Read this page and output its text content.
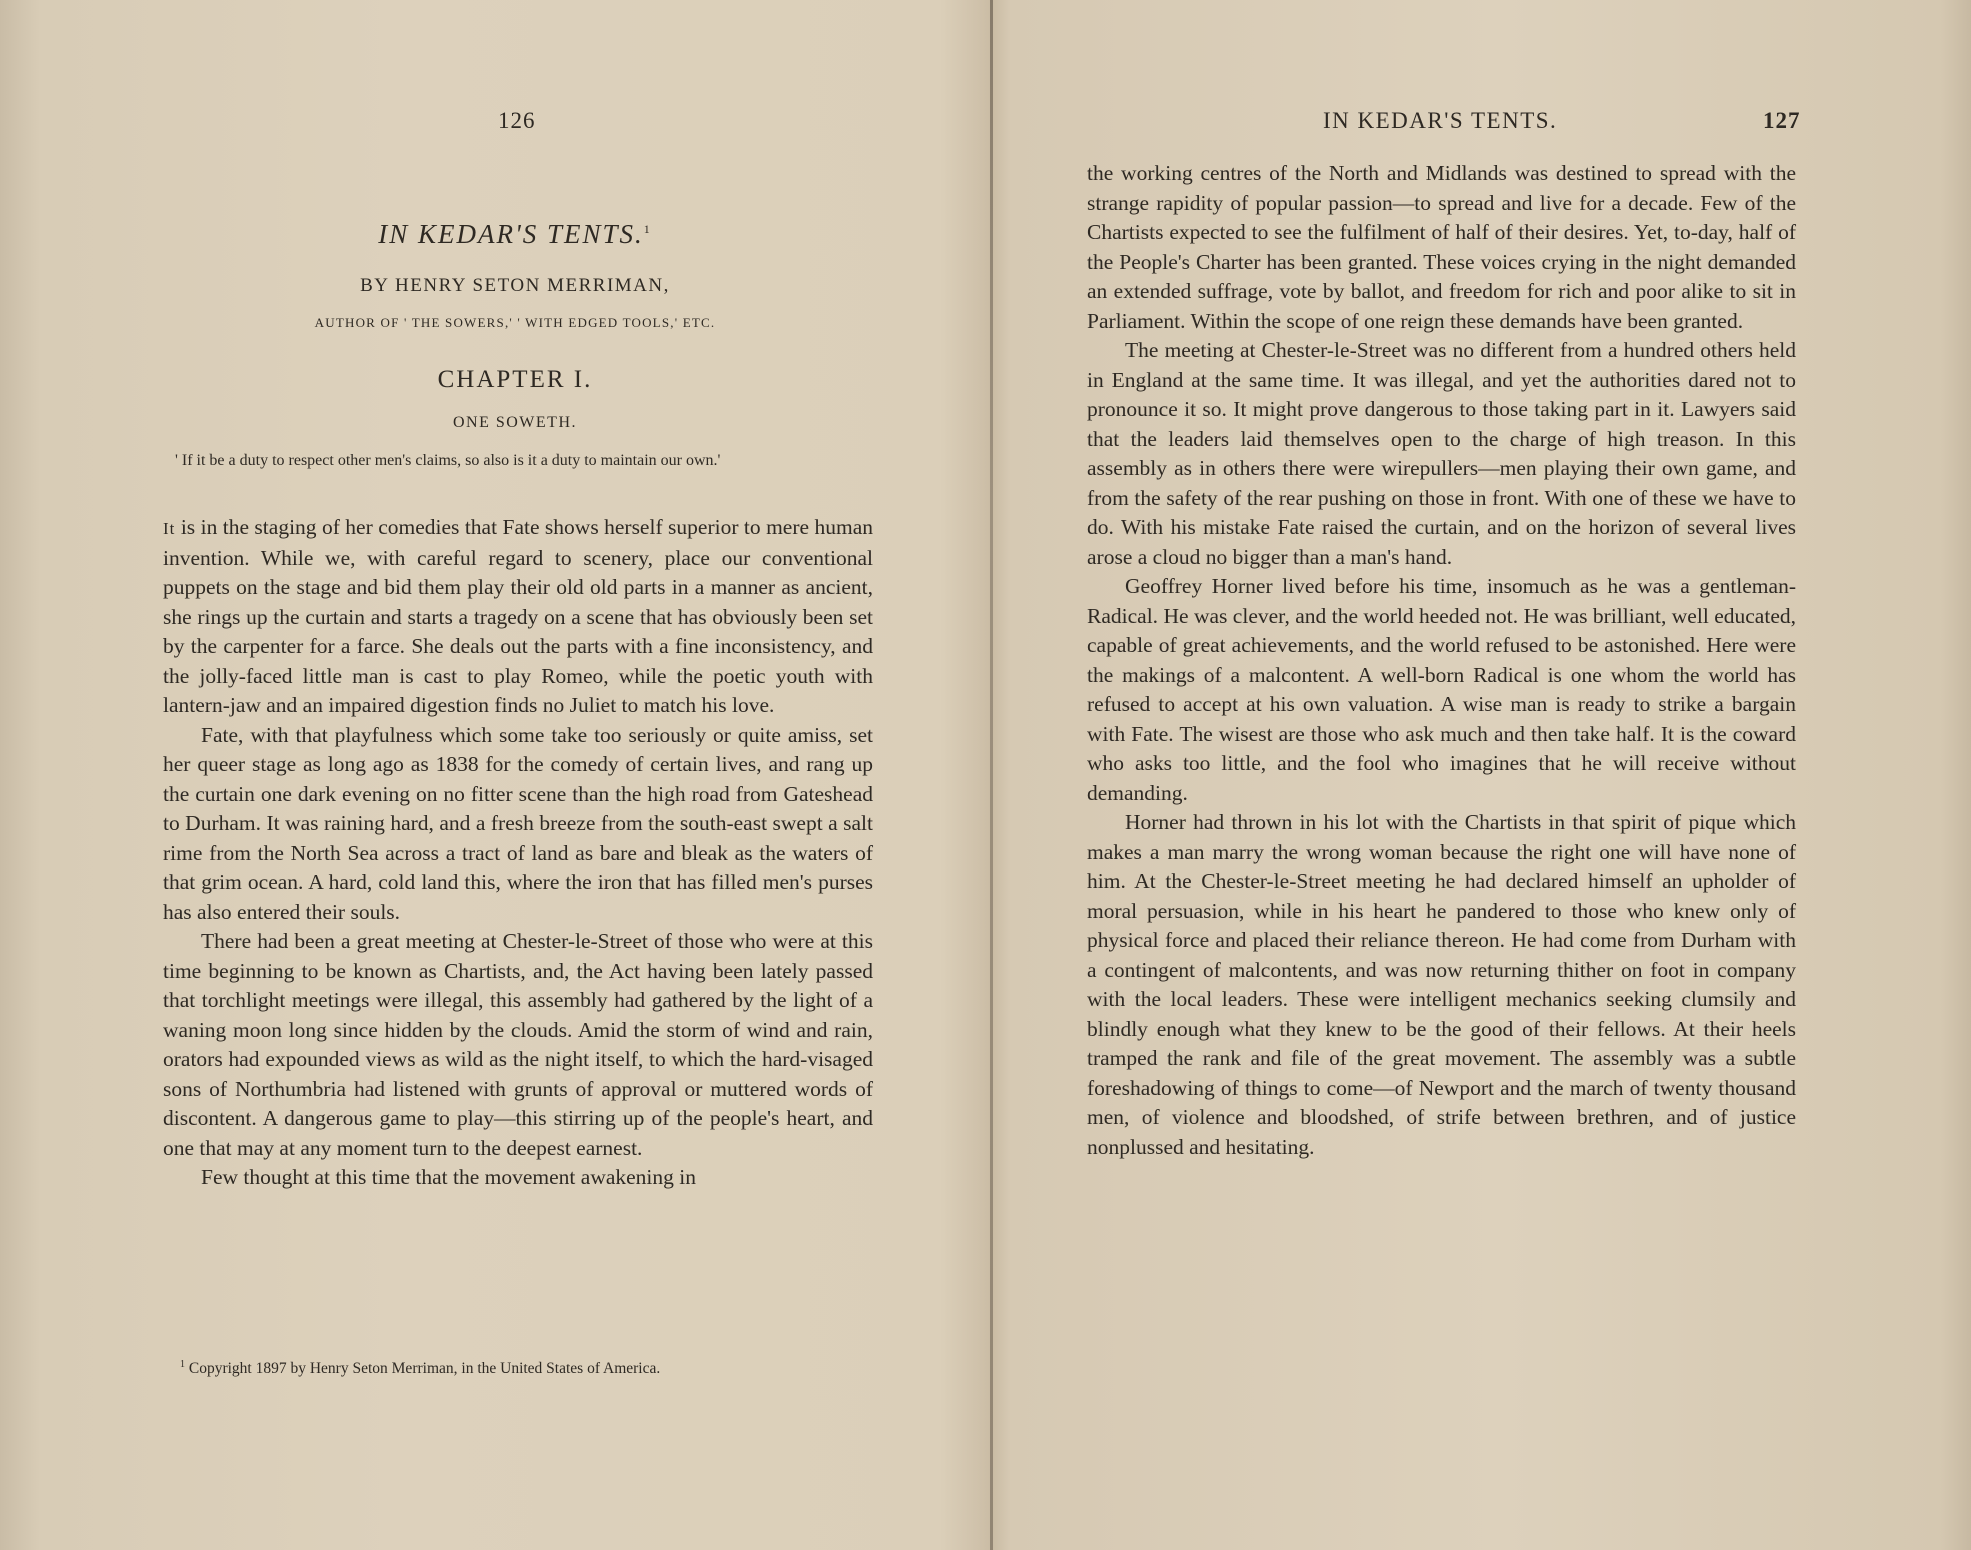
126
IN KEDAR'S TENTS.$^1$
BY HENRY SETON MERRIMAN,
AUTHOR OF ' THE SOWERS,' ' WITH EDGED TOOLS,' ETC.
CHAPTER I.
ONE SOWETH.
' If it be a duty to respect other men's claims, so also is it a duty to maintain our own.'

It is in the staging of her comedies that Fate shows herself superior to mere human invention. While we, with careful regard to scenery, place our conventional puppets on the stage and bid them play their old old parts in a manner as ancient, she rings up the curtain and starts a tragedy on a scene that has obviously been set by the carpenter for a farce. She deals out the parts with a fine inconsistency, and the jolly-faced little man is cast to play Romeo, while the poetic youth with lantern-jaw and an impaired digestion finds no Juliet to match his love.

Fate, with that playfulness which some take too seriously or quite amiss, set her queer stage as long ago as 1838 for the comedy of certain lives, and rang up the curtain one dark evening on no fitter scene than the high road from Gateshead to Durham. It was raining hard, and a fresh breeze from the south-east swept a salt rime from the North Sea across a tract of land as bare and bleak as the waters of that grim ocean. A hard, cold land this, where the iron that has filled men's purses has also entered their souls.

There had been a great meeting at Chester-le-Street of those who were at this time beginning to be known as Chartists, and, the Act having been lately passed that torchlight meetings were illegal, this assembly had gathered by the light of a waning moon long since hidden by the clouds. Amid the storm of wind and rain, orators had expounded views as wild as the night itself, to which the hard-visaged sons of Northumbria had listened with grunts of approval or muttered words of discontent. A dangerous game to play—this stirring up of the people's heart, and one that may at any moment turn to the deepest earnest.

Few thought at this time that the movement awakening in

$^1$ Copyright 1897 by Henry Seton Merriman, in the United States of America.
IN KEDAR'S TENTS.	127

the working centres of the North and Midlands was destined to spread with the strange rapidity of popular passion—to spread and live for a decade. Few of the Chartists expected to see the fulfilment of half of their desires. Yet, to-day, half of the People's Charter has been granted. These voices crying in the night demanded an extended suffrage, vote by ballot, and freedom for rich and poor alike to sit in Parliament. Within the scope of one reign these demands have been granted.

The meeting at Chester-le-Street was no different from a hundred others held in England at the same time. It was illegal, and yet the authorities dared not to pronounce it so. It might prove dangerous to those taking part in it. Lawyers said that the leaders laid themselves open to the charge of high treason. In this assembly as in others there were wirepullers—men playing their own game, and from the safety of the rear pushing on those in front. With one of these we have to do. With his mistake Fate raised the curtain, and on the horizon of several lives arose a cloud no bigger than a man's hand.

Geoffrey Horner lived before his time, insomuch as he was a gentleman-Radical. He was clever, and the world heeded not. He was brilliant, well educated, capable of great achievements, and the world refused to be astonished. Here were the makings of a malcontent. A well-born Radical is one whom the world has refused to accept at his own valuation. A wise man is ready to strike a bargain with Fate. The wisest are those who ask much and then take half. It is the coward who asks too little, and the fool who imagines that he will receive without demanding.

Horner had thrown in his lot with the Chartists in that spirit of pique which makes a man marry the wrong woman because the right one will have none of him. At the Chester-le-Street meeting he had declared himself an upholder of moral persuasion, while in his heart he pandered to those who knew only of physical force and placed their reliance thereon. He had come from Durham with a contingent of malcontents, and was now returning thither on foot in company with the local leaders. These were intelligent mechanics seeking clumsily and blindly enough what they knew to be the good of their fellows. At their heels tramped the rank and file of the great movement. The assembly was a subtle foreshadowing of things to come—of Newport and the march of twenty thousand men, of violence and bloodshed, of strife between brethren, and of justice nonplussed and hesitating.
